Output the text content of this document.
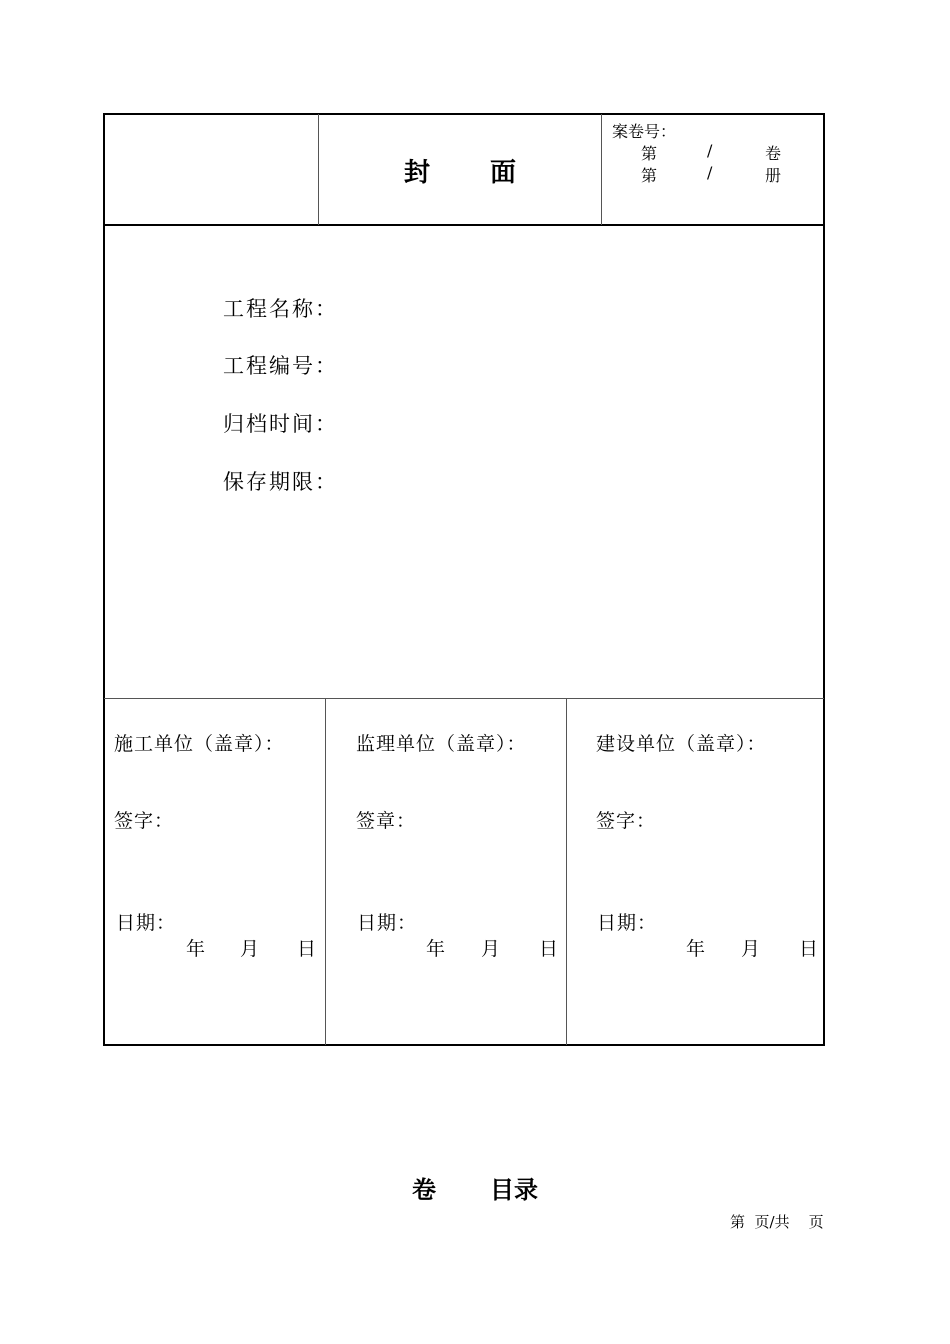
封 面
案卷号：
第	/	卷
第	/	册
工程名称：
工程编号：
归档时间：
保存期限：
施工单位（盖章）：
签字：
日期：
年 月 日
监理单位（盖章）：
签章：
日期：
年 月 日
建设单位（盖章）：
签字：
日期：
年 月 日
卷 目录
第  页/共    页
